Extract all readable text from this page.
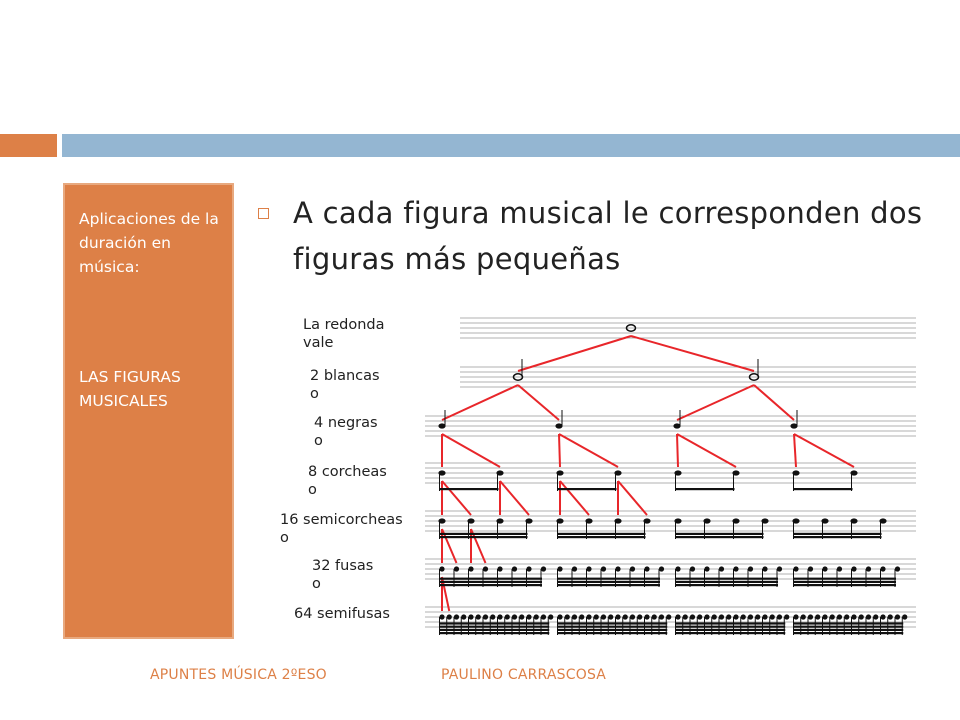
Aplicaciones de la duración en música:
LAS FIGURAS MUSICALES
A cada figura musical le corresponden dos figuras más pequeñas
La redonda
vale
2 blancas
o
4 negras
o
8 corcheas
o
16 semicorcheas
o
32 fusas
o
64 semifusas

APUNTES MÚSICA 2ºESO	PAULINO CARRASCOSA
